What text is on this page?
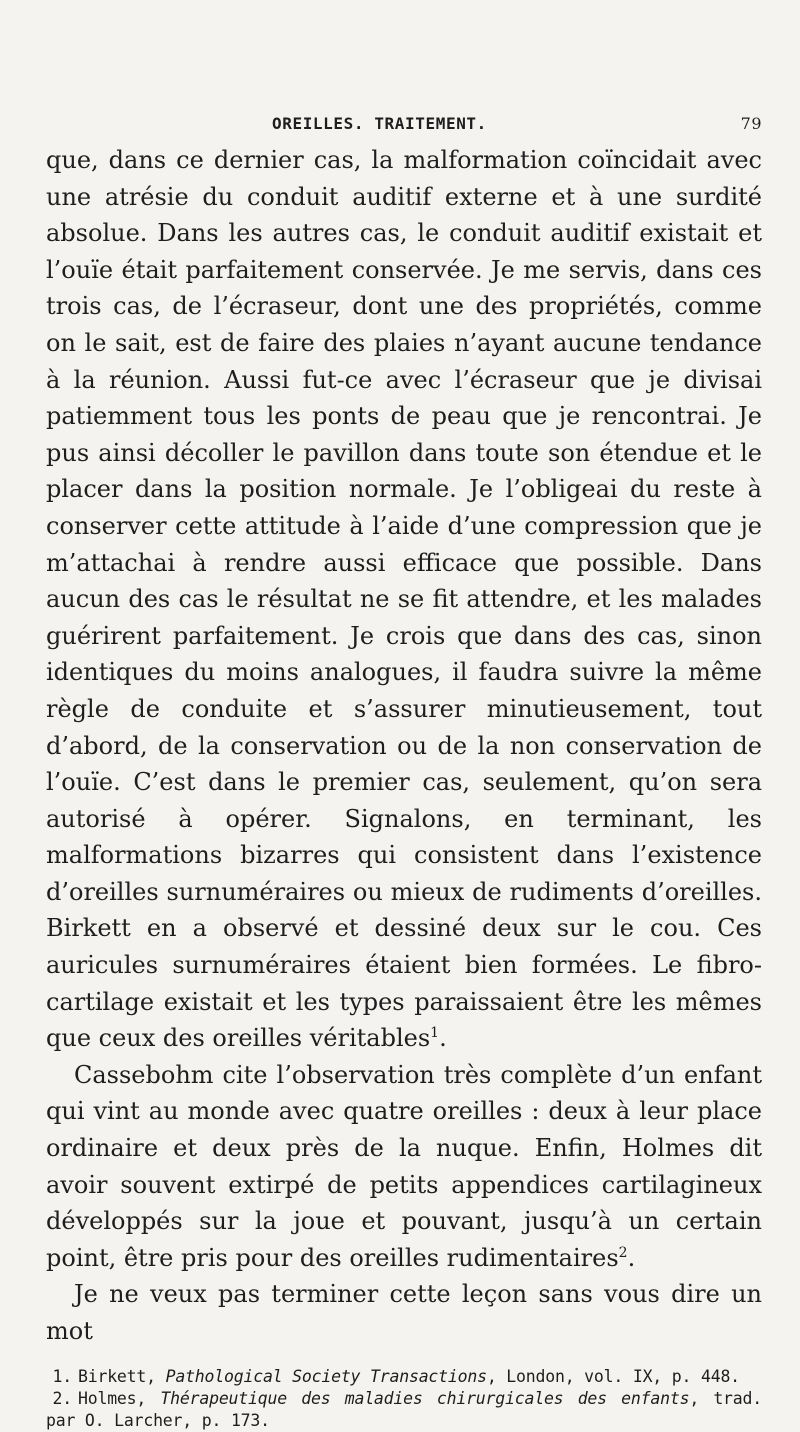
OREILLES. TRAITEMENT.	79

que, dans ce dernier cas, la malformation coïncidait avec une atrésie du conduit auditif externe et à une surdité absolue. Dans les autres cas, le conduit auditif existait et l’ouïe était parfaitement conservée. Je me servis, dans ces trois cas, de l’écraseur, dont une des propriétés, comme on le sait, est de faire des plaies n’ayant aucune tendance à la réunion. Aussi fut-ce avec l’écraseur que je divisai patiemment tous les ponts de peau que je rencontrai. Je pus ainsi décoller le pavillon dans toute son étendue et le placer dans la position normale. Je l’obligeai du reste à conserver cette attitude à l’aide d’une compression que je m’attachai à rendre aussi efficace que possible. Dans aucun des cas le résultat ne se fit attendre, et les malades guérirent parfaitement. Je crois que dans des cas, sinon identiques du moins analogues, il faudra suivre la même règle de conduite et s’assurer minutieusement, tout d’abord, de la conservation ou de la non conservation de l’ouïe. C’est dans le premier cas, seulement, qu’on sera autorisé à opérer. Signalons, en terminant, les malformations bizarres qui consistent dans l’existence d’oreilles surnuméraires ou mieux de rudiments d’oreilles. Birkett en a observé et dessiné deux sur le cou. Ces auricules surnuméraires étaient bien formées. Le fibro-cartilage existait et les types paraissaient être les mêmes que ceux des oreilles véritables$^1$.

Cassebohm cite l’observation très complète d’un enfant qui vint au monde avec quatre oreilles : deux à leur place ordinaire et deux près de la nuque. Enfin, Holmes dit avoir souvent extirpé de petits appendices cartilagineux développés sur la joue et pouvant, jusqu’à un certain point, être pris pour des oreilles rudimentaires$^2$.

Je ne veux pas terminer cette leçon sans vous dire un mot

1. Birkett, Pathological Society Transactions, London, vol. IX, p. 448.
2. Holmes, Thérapeutique des maladies chirurgicales des enfants, trad. par O. Larcher, p. 173.
